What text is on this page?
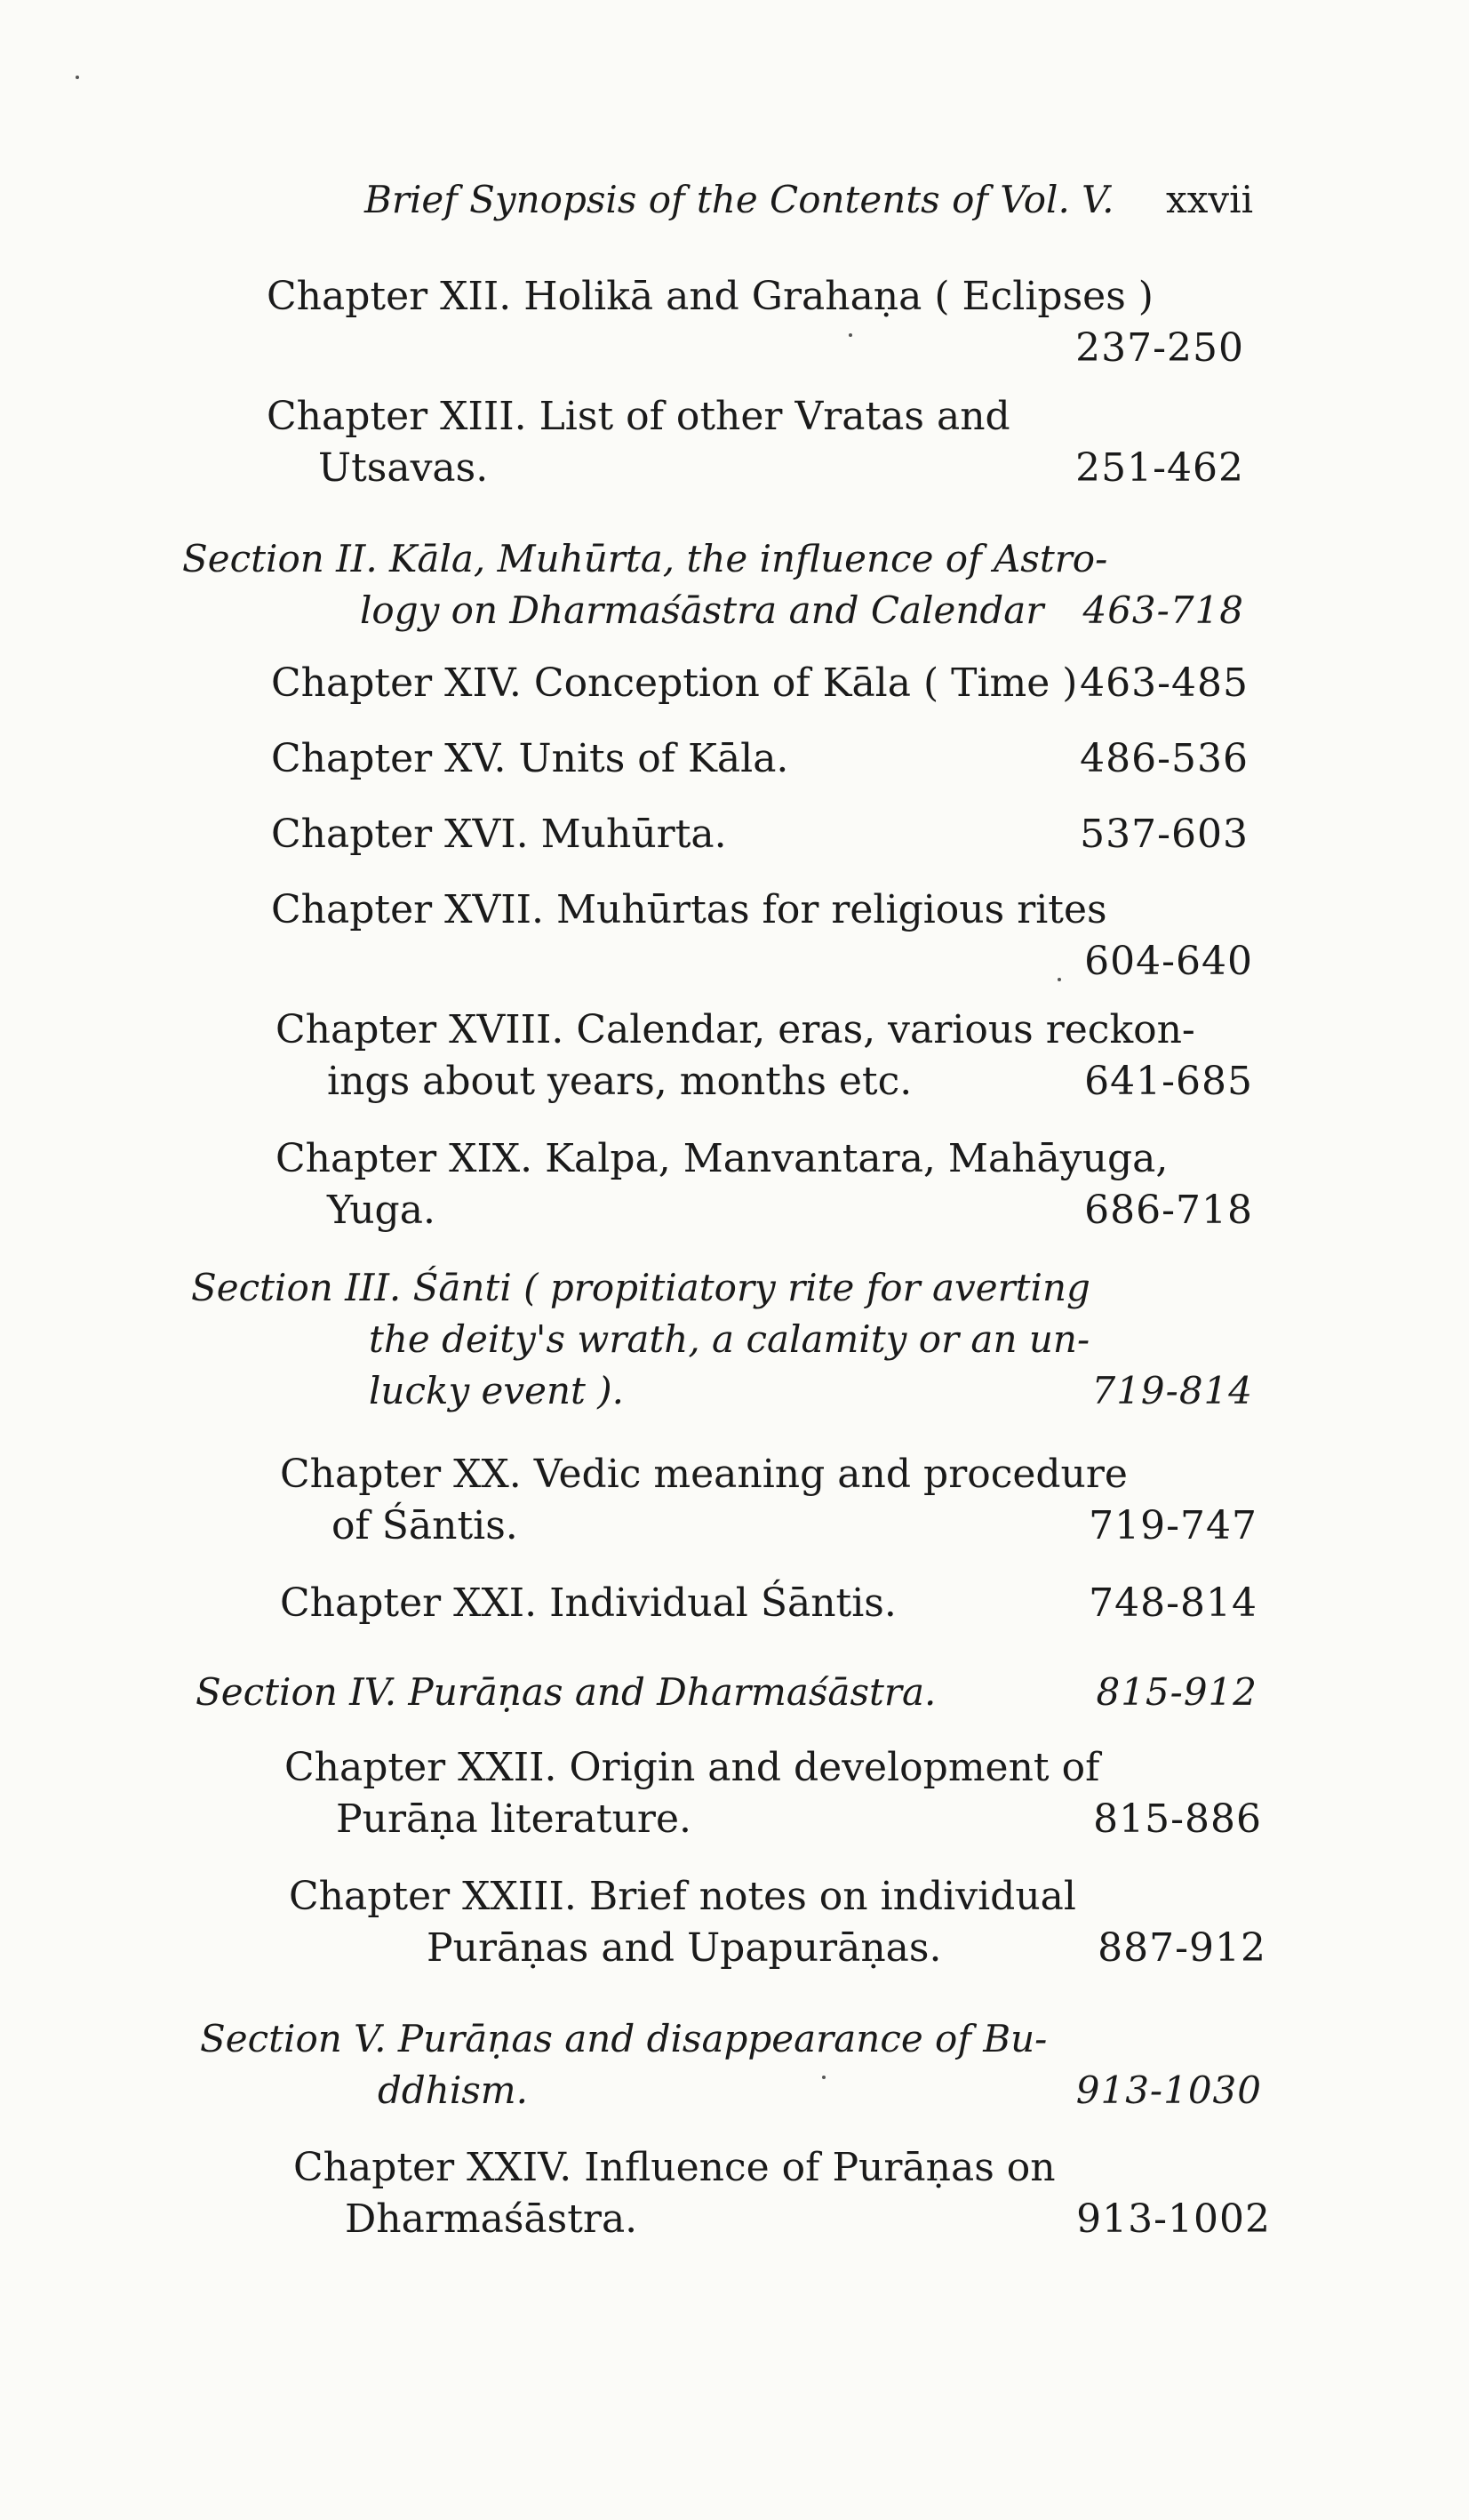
Brief Synopsis of the Contents of Vol. V. xxvii
Chapter XII. Holikā and Grahaṇa ( Eclipses )
237-250
Chapter XIII. List of other Vratas and
Utsavas.	251-462
Section II. Kāla, Muhūrta, the influence of Astro-
logy on Dharmaśāstra and Calendar	463-718
Chapter XIV. Conception of Kāla ( Time ) 463-485
Chapter XV. Units of Kāla.	486-536
Chapter XVI. Muhūrta.	537-603
Chapter XVII. Muhūrtas for religious rites
604-640
Chapter XVIII. Calendar, eras, various reckon-
ings about years, months etc.	641-685
Chapter XIX. Kalpa, Manvantara, Mahāyuga,
Yuga.	686-718
Section III. Śānti ( propitiatory rite for averting
the deity's wrath, a calamity or an un-
lucky event ).	719-814
Chapter XX. Vedic meaning and procedure
of Śāntis.	719-747
Chapter XXI. Individual Śāntis.	748-814
Section IV. Purāṇas and Dharmaśāstra.	815-912
Chapter XXII. Origin and development of
Purāṇa literature.	815-886
Chapter XXIII. Brief notes on individual
Purāṇas and Upapurāṇas.	887-912
Section V. Purāṇas and disappearance of Bu-
ddhism.	913-1030
Chapter XXIV. Influence of Purāṇas on
Dharmaśāstra.	913-1002
